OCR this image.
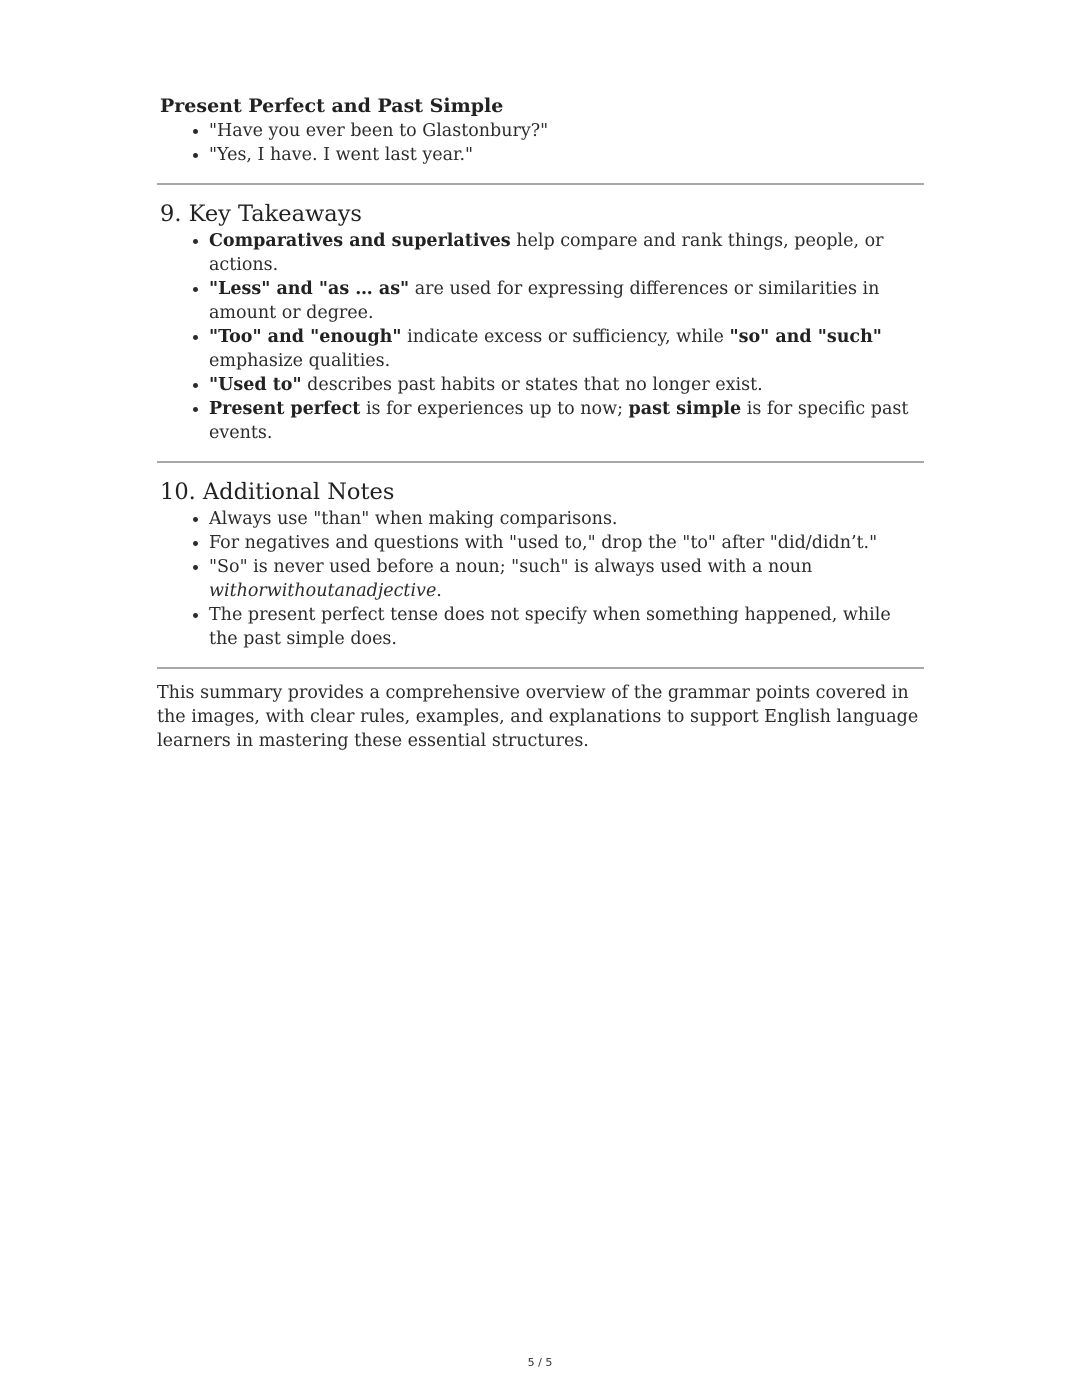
Present Perfect and Past Simple
• "Have you ever been to Glastonbury?"
• "Yes, I have. I went last year."
9. Key Takeaways
• Comparatives and superlatives help compare and rank things, people, or actions.
• "Less" and "as … as" are used for expressing differences or similarities in amount or degree.
• "Too" and "enough" indicate excess or sufficiency, while "so" and "such" emphasize qualities.
• "Used to" describes past habits or states that no longer exist.
• Present perfect is for experiences up to now; past simple is for specific past events.
10. Additional Notes
• Always use "than" when making comparisons.
• For negatives and questions with "used to," drop the "to" after "did/didn’t."
• "So" is never used before a noun; "such" is always used with a noun withorwithoutanadjective.
• The present perfect tense does not specify when something happened, while the past simple does.

This summary provides a comprehensive overview of the grammar points covered in the images, with clear rules, examples, and explanations to support English language learners in mastering these essential structures.

5 / 5
